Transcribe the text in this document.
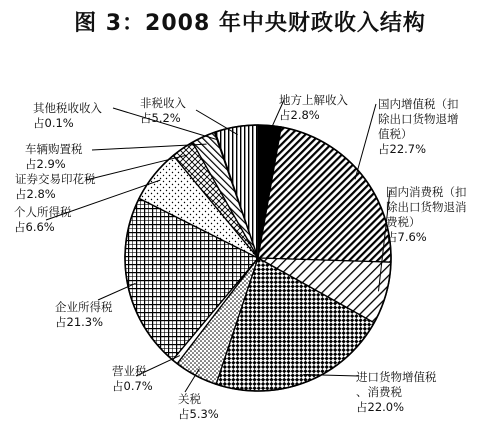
图 3：2008 年中央财政收入结构
地方上解收入
占2.8%
国内增值税（扣
除出口货物退增
值税）
占22.7%
国内消费税（扣
除出口货物退消
费税）
占7.6%
进口货物增值税
、消费税
占22.0%
关税
占5.3%
营业税
占0.7%
企业所得税
占21.3%
个人所得税
占6.6%
证券交易印花税
占2.8%
车辆购置税
占2.9%
其他税收收入
占0.1%
非税收入
占5.2%
